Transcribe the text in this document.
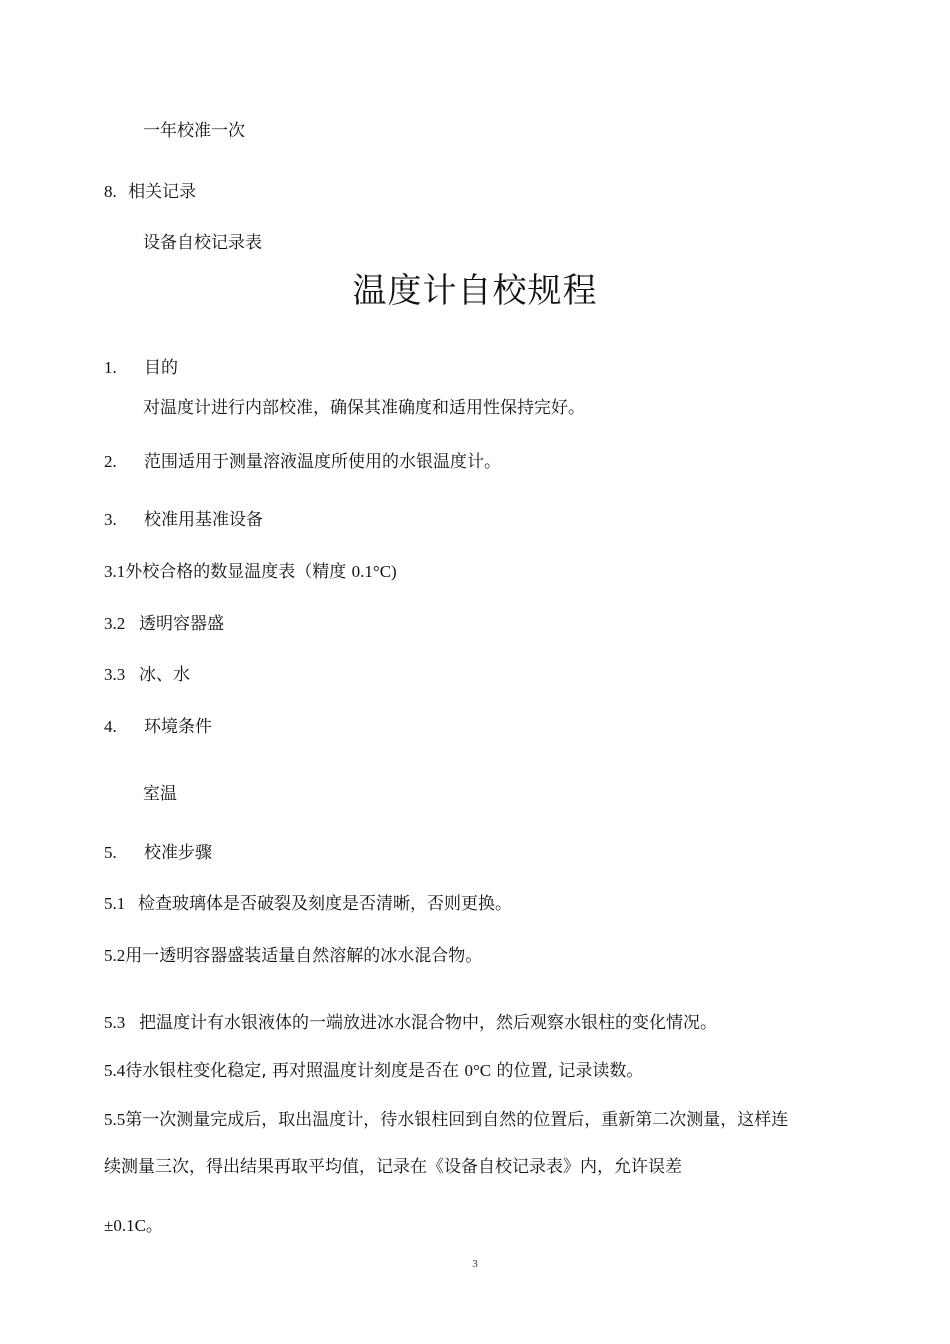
一年校准一次
8. 相关记录
设备自校记录表
温度计自校规程
1. 目的
对温度计进行内部校准，确保其准确度和适用性保持完好。
2. 范围适用于测量溶液温度所使用的水银温度计。
3. 校准用基准设备
3.1外校合格的数显温度表（精度 0.1°C)
3.2 透明容器盛
3.3 冰、水
4. 环境条件
室温
5. 校准步骤
5.1 检查玻璃体是否破裂及刻度是否清晰，否则更换。
5.2用一透明容器盛装适量自然溶解的冰水混合物。
5.3 把温度计有水银液体的一端放进冰水混合物中，然后观察水银柱的变化情况。
5.4待水银柱变化稳定, 再对照温度计刻度是否在 0°C 的位置, 记录读数。
5.5第一次测量完成后，取出温度计，待水银柱回到自然的位置后，重新第二次测量，这样连
续测量三次，得出结果再取平均值，记录在《设备自校记录表》内，允许误差
±0.1C。
3
